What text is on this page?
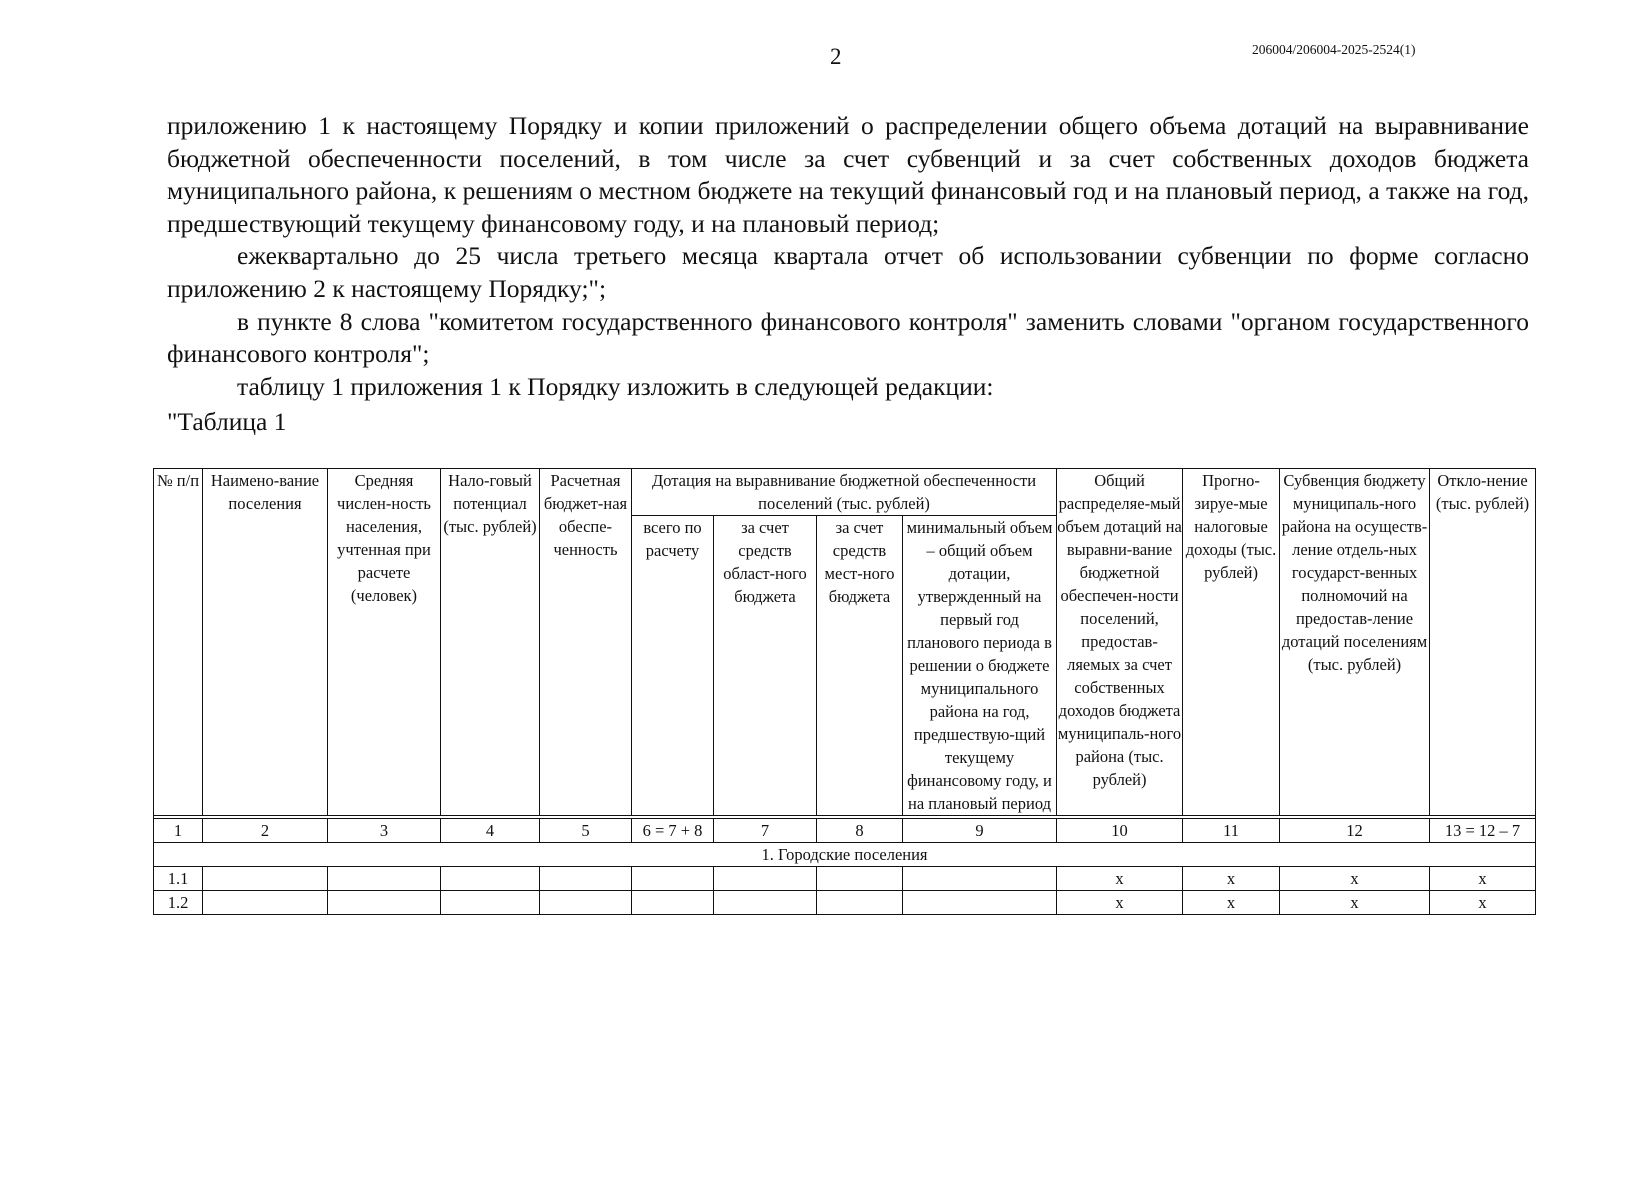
2	206004/206004-2025-2524(1)

приложению 1 к настоящему Порядку и копии приложений о распределении общего объема дотаций на выравнивание бюджетной обеспеченности поселений, в том числе за счет субвенций и за счет собственных доходов бюджета муниципального района, к решениям о местном бюджете на текущий финансовый год и на плановый период, а также на год, предшествующий текущему финансовому году, и на плановый период;

ежеквартально до 25 числа третьего месяца квартала отчет об использовании субвенции по форме согласно приложению 2 к настоящему Порядку;";

в пункте 8 слова "комитетом государственного финансового контроля" заменить словами "органом государственного финансового контроля";

таблицу 1 приложения 1 к Порядку изложить в следующей редакции:

"Таблица 1

№ п/п	Наимено-вание поселения	Средняя числен-ность населения, учтенная при расчете (человек)	Нало-говый потенциал (тыс. рублей)	Расчетная бюджет-ная обеспе-ченность	Дотация на выравнивание бюджетной обеспеченности поселений (тыс. рублей)				Общий распределяе-мый объем дотаций на выравни-вание бюджетной обеспечен-ности поселений, предостав-ляемых за счет собственных доходов бюджета муниципаль-ного района (тыс. рублей)	Прогно-зируе-мые налоговые доходы (тыс. рублей)	Субвенция бюджету муниципаль-ного района на осуществ-ление отдель-ных государст-венных полномочий на предостав-ление дотаций поселениям (тыс. рублей)	Откло-нение (тыс. рублей)
					всего по расчету	за счет средств област-ного бюджета	за счет средств мест-ного бюджета	минимальный объем – общий объем дотации, утвержденный на первый год планового периода в решении о бюджете муниципального района на год, предшествую-щий текущему финансовому году, и на плановый период				

1	2	3	4	5	6 = 7 + 8	7	8	9	10	11	12	13 = 12 – 7
1. Городские поселения												
1.1									х	х	х	х
1.2									х	х	х	х
